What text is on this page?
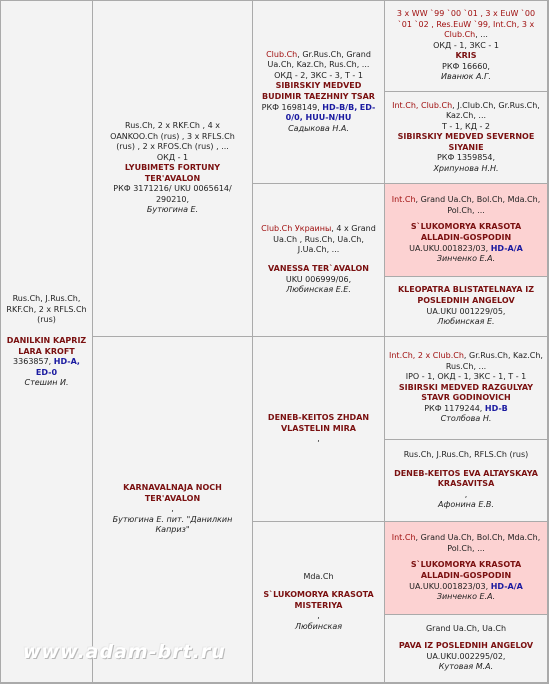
Rus.Ch, J.Rus.Ch, RKF.Ch, 2 x RFLS.Ch (rus)
DANILKIN KAPRIZ LARA KROFT
3363857, HD-A, ED-0
Стешин И.
Rus.Ch, 2 x RKF.Ch , 4 x OANKOO.Ch (rus) , 3 x RFLS.Ch (rus) , 2 x RFOS.Ch (rus) , ...
ОКД - 1
LYUBIMETS FORTUNY TER'AVALON
РКФ 3171216/ UKU 0065614/ 290210,
Бутюгина Е.
KARNAVALNAJA NOCH TER'AVALON
,
Бутюгина Е. пит. "Данилкин Каприз"
Club.Ch, Gr.Rus.Ch, Grand Ua.Ch, Kaz.Ch, Rus.Ch, ...
ОКД - 2, ЗКС - 3, Т - 1
SIBIRSKIY MEDVED BUDIMIR TAEZHNIY TSAR
РКФ 1698149, HD-B/B, ED-0/0, HUU-N/HU
Садыкова Н.А.
Club.Ch Украины, 4 x Grand Ua.Ch , Rus.Ch, Ua.Ch, J.Ua.Ch, ...
VANESSA TER`AVALON
UKU 006999/06,
Любинская Е.Е.
DENEB-KEITOS ZHDAN VLASTELIN MIRA
,
Mda.Ch
S`LUKOMORYA KRASOTA MISTERIYA
,
Любинская
3 x WW `99 `00 `01 , 3 x EuW `00 `01 `02 , Res.EuW `99, Int.Ch, 3 x Club.Ch, ...
ОКД - 1, ЗКС - 1
KRIS
РКФ 16660,
Иванюк А.Г.
Int.Ch, Club.Ch, J.Club.Ch, Gr.Rus.Ch, Kaz.Ch, ...
Т - 1, КД - 2
SIBIRSKIY MEDVED SEVERNOE SIYANIE
РКФ 1359854,
Хрипунова Н.Н.
Int.Ch, Grand Ua.Ch, Bol.Ch, Mda.Ch, Pol.Ch, ...
S`LUKOMORYA KRASOTA ALLADIN-GOSPODIN
UA.UKU.001823/03, HD-A/A
Зинченко Е.А.
KLEOPATRA BLISTATELNAYA IZ POSLEDNIH ANGELOV
UA.UKU 001229/05,
Любинская Е.
Int.Ch, 2 x Club.Ch, Gr.Rus.Ch, Kaz.Ch, Rus.Ch, ...
IPO - 1, ОКД - 1, ЗКС - 1, Т - 1
SIBIRSKI MEDVED RAZGULYAY STAVR GODINOVICH
РКФ 1179244, HD-B
Столбова Н.
Rus.Ch, J.Rus.Ch, RFLS.Ch (rus)
DENEB-KEITOS EVA ALTAYSKAYA KRASAVITSA
,
Афонина Е.В.
Int.Ch, Grand Ua.Ch, Bol.Ch, Mda.Ch, Pol.Ch, ...
S`LUKOMORYA KRASOTA ALLADIN-GOSPODIN
UA.UKU.001823/03, HD-A/A
Зинченко Е.А.
Grand Ua.Ch, Ua.Ch
PAVA IZ POSLEDNIH ANGELOV
UA.UKU.002295/02,
Кутовая М.А.
www.adam-brt.ru
